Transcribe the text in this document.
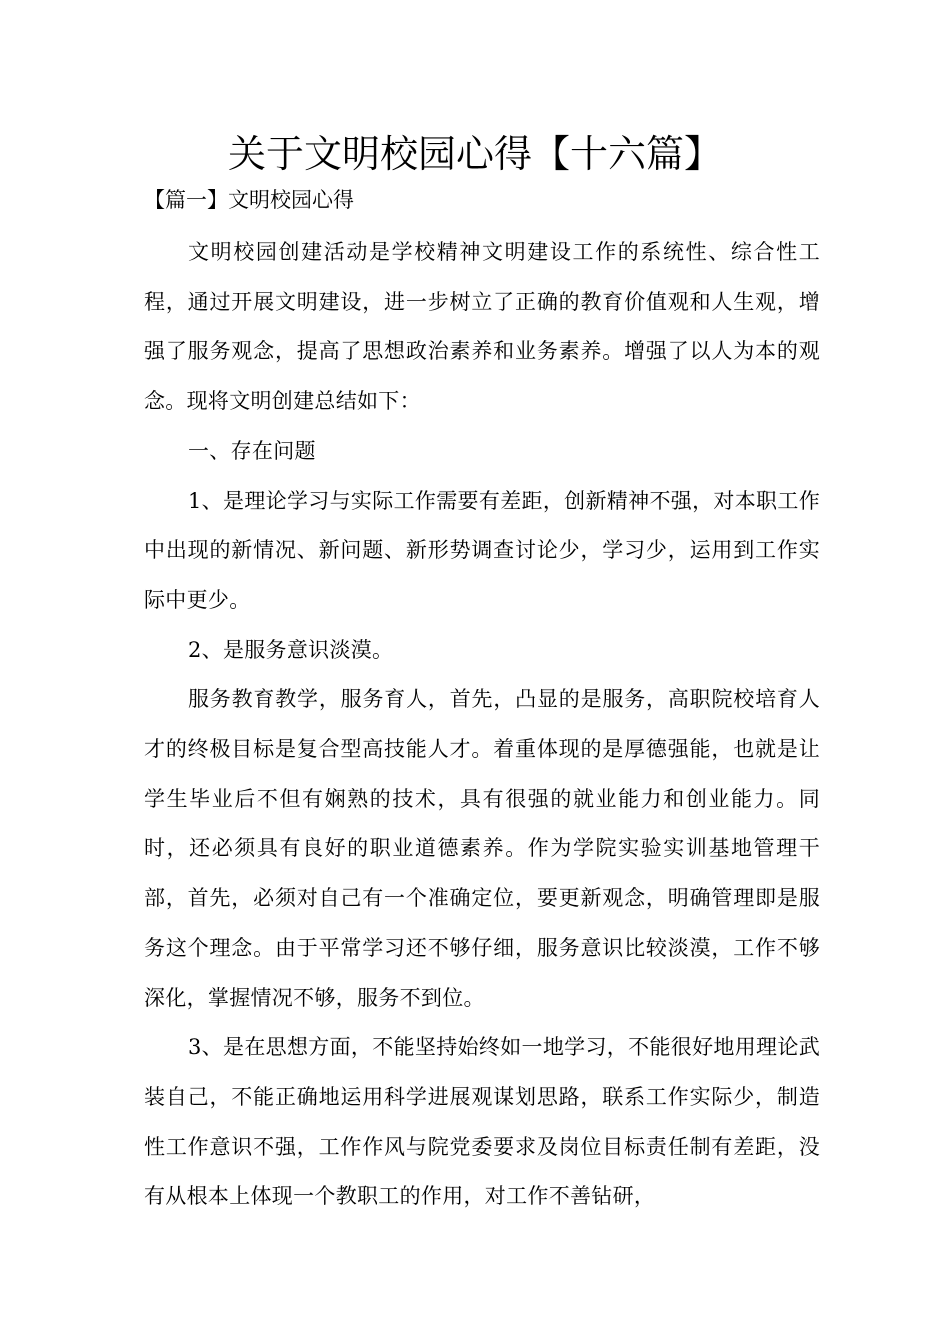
关于文明校园心得【十六篇】
【篇一】文明校园心得

文明校园创建活动是学校精神文明建设工作的系统性、综合性工程，通过开展文明建设，进一步树立了正确的教育价值观和人生观，增强了服务观念，提高了思想政治素养和业务素养。增强了以人为本的观念。现将文明创建总结如下：

一、存在问题

1、是理论学习与实际工作需要有差距，创新精神不强，对本职工作中出现的新情况、新问题、新形势调查讨论少，学习少，运用到工作实际中更少。

2、是服务意识淡漠。

服务教育教学，服务育人，首先，凸显的是服务，高职院校培育人才的终极目标是复合型高技能人才。着重体现的是厚德强能，也就是让学生毕业后不但有娴熟的技术，具有很强的就业能力和创业能力。同时，还必须具有良好的职业道德素养。作为学院实验实训基地管理干部，首先，必须对自己有一个准确定位，要更新观念，明确管理即是服务这个理念。由于平常学习还不够仔细，服务意识比较淡漠，工作不够深化，掌握情况不够，服务不到位。

3、是在思想方面，不能坚持始终如一地学习，不能很好地用理论武装自己，不能正确地运用科学进展观谋划思路，联系工作实际少，制造性工作意识不强，工作作风与院党委要求及岗位目标责任制有差距，没有从根本上体现一个教职工的作用，对工作不善钻研，
